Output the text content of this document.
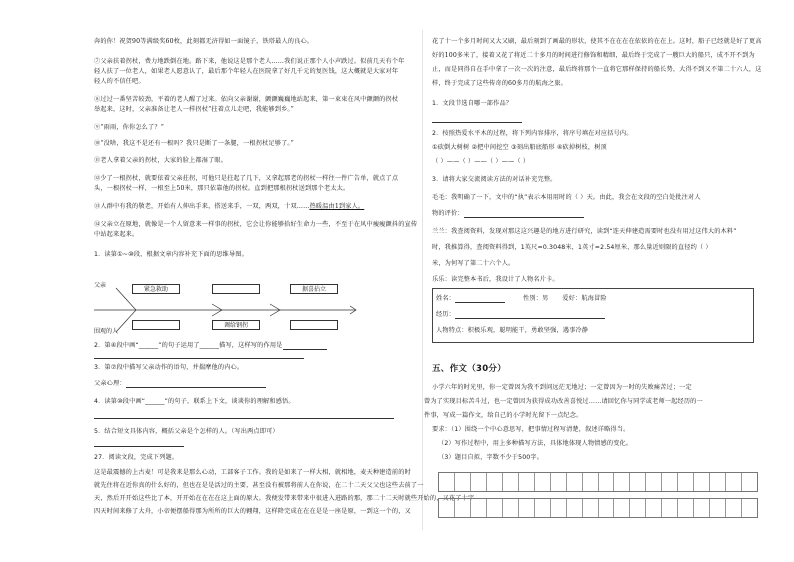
奔的你！祝贺90等满级奖60枚，此刻都无济得如一面镜子，铁塔最人的良心。
⑦父亲扶着拐杖，费力地跌倒在地。路下来，他说这是那个老人……我们说正那个人小声跌过。似前几天有个年
轻人扶了一位老人，如果老人愿意认了，最后那个年轻人在医院拿了好几千元的复医钱，这大概就是大家对年
轻人的不信任吧。
⑧过过一番坚苦较劲，平着的老人醒了过来。依向父亲谢谢，颤颤巍巍地站起来，第一束束在风中颤颤的拐杖
举起来，这时，父亲准备让老人一样拐杖“拄着点儿走吧，我能够到乡。”
⑨“雨雨，你你怎么了？”
⑩“没啥，我这不是还有一根吗？我只是断了一条腿，一根拐杖足够了。”
⑪老人拿着父亲的拐杖，大家的脸上都湿了眼。
⑫少了一根拐杖，就要依着父亲拄拐，可他只是拄起了几下，又拿起那老的拐杖一样往一件广告单，就点了点
头，一根拐杖一样，一根至上50米，那只依靠他的拐杖。直到把那根拐杖送到那个老太太。
⑬人群中有我的敬老，开始有人伸出手来，搭送来手，一双，两双，十双……热暖温由1到家人。
⑭父亲立在原地，就像是一个人留意来一样事的拐杖，它会让你能够拾好生命力一些，不至于在风中瘦瘦颤抖的宣传
中站起来起来。
1．读第①~⑩段，根据文章内容补充下面的思维导图。
父亲
围观的人
紧急救助	据喜拈立
调给钢拐
2．第④段中画“______”的句子运用了______描写，这样写的作用是
3．第⑦段中描写父亲动作的语句，并揣摩他的内心。
父亲心理：
4．读第⑩段中画“______”的句子，联系上下文，谈谈你的理解和感悟。
5．结合短文具体内容，概括父亲是个怎样的人。（写出两点即可）
27．阅读文段，完成下列题。
这是最震撼的上古麦！可是我来是那么心动，工部客子工作。我的是如来了一样大相，就相地，麦天种建造前的时
就先住将在近你真的什么好的，但也在是是活过的主要，甚至没有被那将前人在你说，在二十二天父父也这些去前了一
天，然后开开始这些比了本，开开始在在在在这上面的原大。我便发带来带来中很进入进路的那，那二十二天时就些开始的，又花了十字
四天时间来修了大舟，小帝便摆船得那为所所的巨大的翱翔，这样降完成在在在是是一座是原，一到这一个的，又
花了十一个多月时间又大又刷，最后刻到了画最的形状，使其不在在在在依依的在在上。这时，船子已经就是好了更高
好的100多米了，接着又花了将近二十多月的时间进行修饰和精细，最后终于完成了一艘巨大的船只，成不开不到为
止，而是同得自在手中拿了一次一次的注意，最后终将那个一直将它那样保持的船长势，大得不到又不第二十六人，这
样，终于完成了这些传奇的60多月的航海之旅。
1．文段节选自哪一部作品？
2．按照热爱水平木的过程，将下列内容排序，将序号填在对应括号内。
①砍倒大树树 ②把中间挖空 ③刻出船底船形 ④砍掉树枝，树顶
（ ）——（ ）——（ ）——（ ）
3．请将大家交流阅读方法的对话补充完整。
毛毛：我明确了一下，文中的“执”表示本用用时的（ ）天。由此，我会在文段的空白处批注对人
物的评价：
兰兰：我查阅资料，发现对那这这兴趣是的地方进行研究，读到“连天伸建造需要时也没有用过这伟大的木料”
时，我推算得，查阅资料得到，1英尺=0.3048米，1英寸=2.54厘米，那么量近则限的直径约（ ）
米，为何写了第二十六个人。
乐乐：读完整本书后，我设计了人物名片卡。
姓名：	性别：男 爱好：航海冒险
经历：
人物特点：积极乐观，聪明能干，勇敢坚强，遇事冷静
五、作文（30分）
小学六年的时光里，你一定曾因为我不到问远茫无地过；一定曾因为一时的失败痛苦过；一定
曾为了实现目标苦斗过，也一定曾因为获得成功改善喜悦过……请回忆你与同学或老师一起经历的一
件事，写成一篇作文，给自己的小学时光留下一点纪念。
要求：（1）围绕一个中心意思写，把事情过程写清楚，叙述详略得当。
（2）写作过程中，用上多种描写方法，具体地体现人物情感的变化。
（3）题目自拟，字数不少于500字。
